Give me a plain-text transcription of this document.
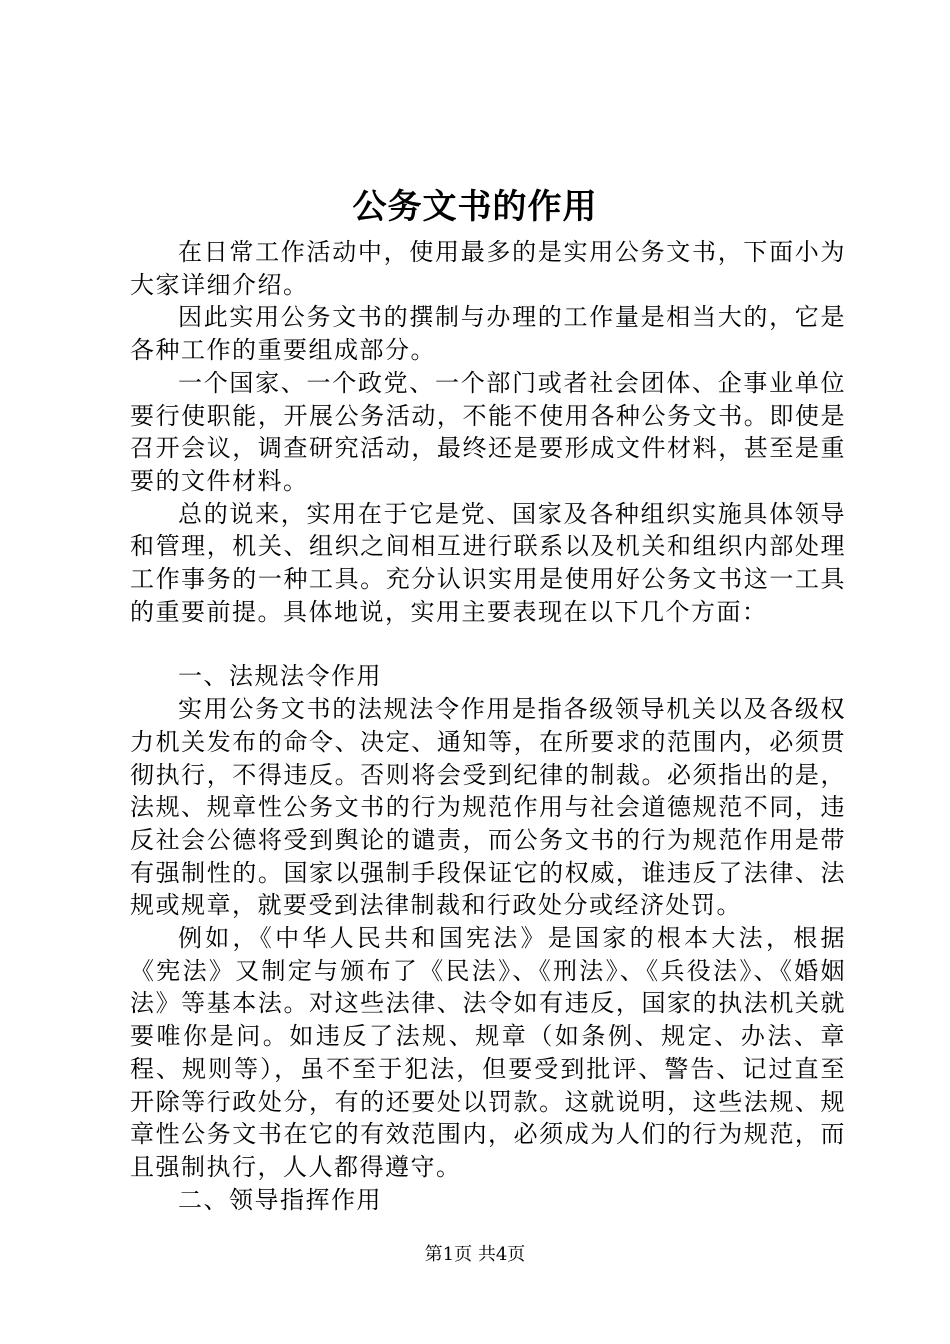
公务文书的作用

在日常工作活动中，使用最多的是实用公务文书，下面小为大家详细介绍。

因此实用公务文书的撰制与办理的工作量是相当大的，它是各种工作的重要组成部分。

一个国家、一个政党、一个部门或者社会团体、企事业单位要行使职能，开展公务活动，不能不使用各种公务文书。即使是召开会议，调查研究活动，最终还是要形成文件材料，甚至是重要的文件材料。

总的说来，实用在于它是党、国家及各种组织实施具体领导和管理，机关、组织之间相互进行联系以及机关和组织内部处理工作事务的一种工具。充分认识实用是使用好公务文书这一工具的重要前提。具体地说，实用主要表现在以下几个方面：

一、法规法令作用

实用公务文书的法规法令作用是指各级领导机关以及各级权力机关发布的命令、决定、通知等，在所要求的范围内，必须贯彻执行，不得违反。否则将会受到纪律的制裁。必须指出的是，法规、规章性公务文书的行为规范作用与社会道德规范不同，违反社会公德将受到舆论的谴责，而公务文书的行为规范作用是带有强制性的。国家以强制手段保证它的权威，谁违反了法律、法规或规章，就要受到法律制裁和行政处分或经济处罚。

例如，《中华人民共和国宪法》是国家的根本大法，根据《宪法》又制定与颁布了《民法》、《刑法》、《兵役法》、《婚姻法》等基本法。对这些法律、法令如有违反，国家的执法机关就要唯你是问。如违反了法规、规章（如条例、规定、办法、章程、规则等），虽不至于犯法，但要受到批评、警告、记过直至开除等行政处分，有的还要处以罚款。这就说明，这些法规、规章性公务文书在它的有效范围内，必须成为人们的行为规范，而且强制执行，人人都得遵守。

二、领导指挥作用

第1页 共4页
